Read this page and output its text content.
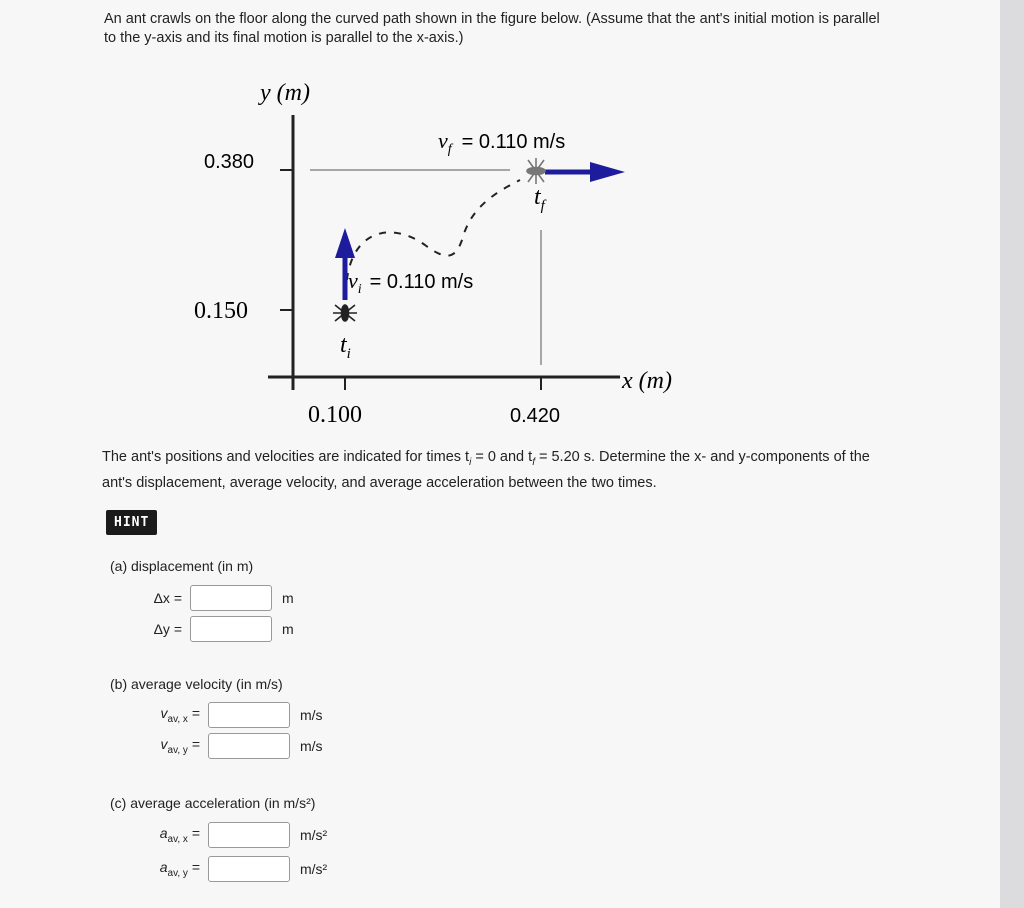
An ant crawls on the floor along the curved path shown in the figure below. (Assume that the ant's initial motion is parallel
to the y-axis and its final motion is parallel to the x-axis.)
y (m)
x (m)
0.380
0.150
0.100	0.420
$v_f = 0.110$ m/s
$v_i = 0.110$ m/s
$t_f$
$t_i$
The ant's positions and velocities are indicated for times $t_i = 0$ and $t_f = 5.20$ s. Determine the x- and y-components of the
ant's displacement, average velocity, and average acceleration between the two times.
HINT
(a) displacement (in m)
Δx =	m
Δy =	m
(b) average velocity (in m/s)
$v_{av, x}$ =	m/s
$v_{av, y}$ =	m/s
(c) average acceleration (in m/s²)
$a_{av, x}$ =	m/s²
$a_{av, y}$ =	m/s²
